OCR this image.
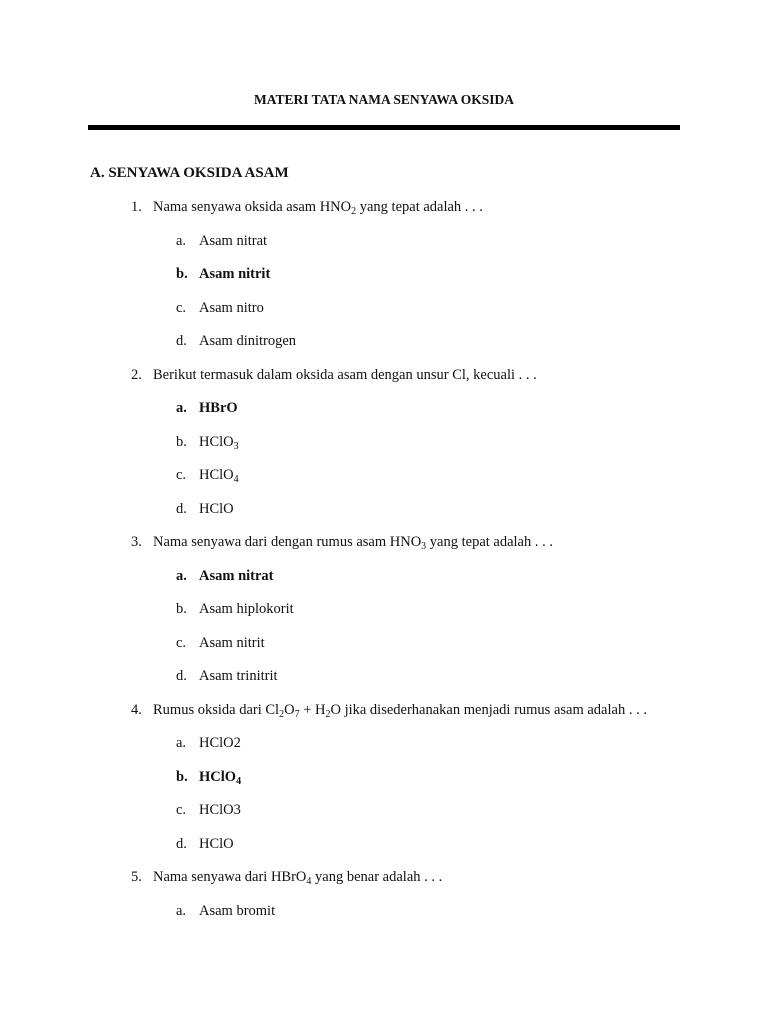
MATERI TATA NAMA SENYAWA OKSIDA
A. SENYAWA OKSIDA ASAM
1. Nama senyawa oksida asam $HNO_2$ yang tepat adalah . . .
a. Asam nitrat
b. Asam nitrit
c. Asam nitro
d. Asam dinitrogen
2. Berikut termasuk dalam oksida asam dengan unsur Cl, kecuali . . .
a. HBrO
b. HClO$_3$
c. HClO$_4$
d. HClO
3. Nama senyawa dari dengan rumus asam $HNO_3$ yang tepat adalah . . .
a. Asam nitrat
b. Asam hiplokorit
c. Asam nitrit
d. Asam trinitrit
4. Rumus oksida dari $Cl_2O_7 + H_2O$ jika disederhanakan menjadi rumus asam adalah . . .
a. HClO2
b. HClO$_4$
c. HClO3
d. HClO
5. Nama senyawa dari HBrO$_4$ yang benar adalah . . .
a. Asam bromit
